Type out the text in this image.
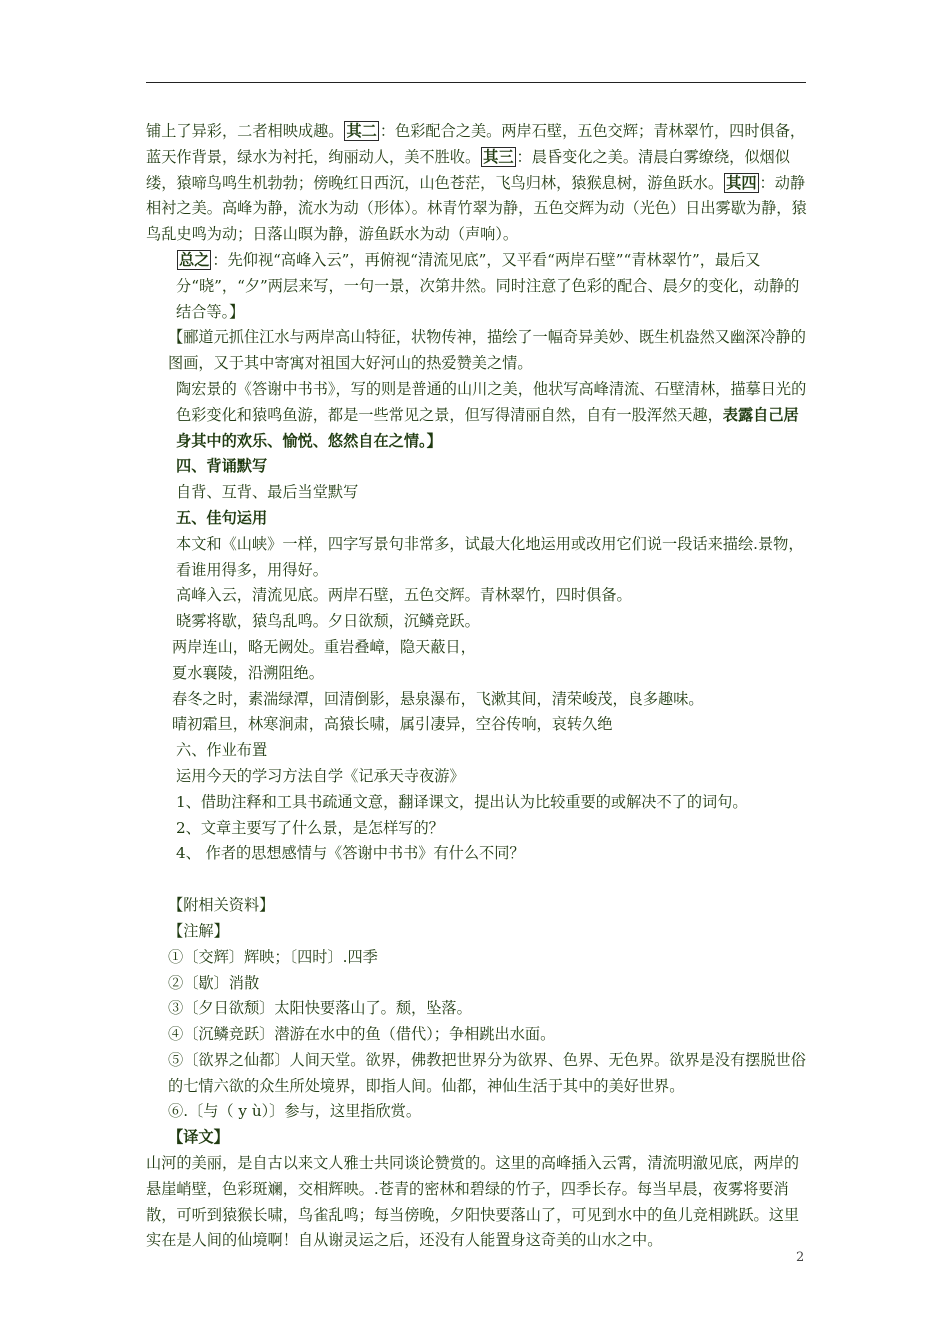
铺上了异彩，二者相映成趣。 其二 ：色彩配合之美。两岸石壁，五色交辉；青林翠竹，四时俱备，蓝天作背景，绿水为衬托，绚丽动人，美不胜收。 其三 ：晨昏变化之美。清晨白雾缭绕，似烟似缕，猿啼鸟鸣生机勃勃；傍晚红日西沉，山色苍茫，飞鸟归林，猿猴息树，游鱼跃水。 其四 ：动静相衬之美。高峰为静，流水为动（形体）。林青竹翠为静，五色交辉为动（光色）日出雾歇为静，猿鸟乱史鸣为动；日落山暝为静，游鱼跃水为动（声响）。

总之 ：先仰视“高峰入云”，再俯视“清流见底”，又平看“两岸石壁”“青林翠竹”，最后又分“晓”，“夕”两层来写，一句一景，次第井然。同时注意了色彩的配合、晨夕的变化，动静的结合等。】

【郦道元抓住江水与两岸高山特征，状物传神，描绘了一幅奇异美妙、既生机盎然又幽深冷静的图画，又于其中寄寓对祖国大好河山的热爱赞美之情。

陶宏景的《答谢中书书》，写的则是普通的山川之美，他状写高峰清流、石壁清林，描摹日光的色彩变化和猿鸣鱼游，都是一些常见之景，但写得清丽自然，自有一股浑然天趣，表露自己居身其中的欢乐、愉悦、悠然自在之情。】

四、背诵默写

自背、互背、最后当堂默写

五、佳句运用

本文和《山峡》一样，四字写景句非常多，试最大化地运用或改用它们说一段话来描绘.景物，看谁用得多，用得好。

高峰入云，清流见底。两岸石壁，五色交辉。青林翠竹，四时俱备。

晓雾将歇，猿鸟乱鸣。夕日欲颓，沉鳞竞跃。

两岸连山，略无阙处。重岩叠嶂，隐天蔽日，

夏水襄陵，沿溯阻绝。

春冬之时，素湍绿潭，回清倒影，悬泉瀑布，飞漱其间，清荣峻茂，良多趣味。

晴初霜旦，林寒涧肃，高猿长啸，属引凄异，空谷传响，哀转久绝

六、作业布置

运用今天的学习方法自学《记承天寺夜游》

1、借助注释和工具书疏通文意，翻译课文，提出认为比较重要的或解决不了的词句。

2、文章主要写了什么景，是怎样写的？

4、 作者的思想感情与《答谢中书书》有什么不同？

【附相关资料】

【注解】

①〔交辉〕辉映；〔四时〕.四季

②〔歇〕消散

③〔夕日欲颓〕太阳快要落山了。颓，坠落。

④〔沉鳞竞跃〕潜游在水中的鱼（借代）；争相跳出水面。

⑤〔欲界之仙都〕人间天堂。欲界，佛教把世界分为欲界、色界、无色界。欲界是没有摆脱世俗的七情六欲的众生所处境界，即指人间。仙都，神仙生活于其中的美好世界。

⑥.〔与（ y ù）〕参与，这里指欣赏。

【译文】

山河的美丽，是自古以来文人雅士共同谈论赞赏的。这里的高峰插入云霄，清流明澈见底，两岸的悬崖峭壁，色彩斑斓，交相辉映。.苍青的密林和碧绿的竹子，四季长存。每当早晨，夜雾将要消散，可听到猿猴长啸，鸟雀乱鸣；每当傍晚，夕阳快要落山了，可见到水中的鱼儿竞相跳跃。这里实在是人间的仙境啊！自从谢灵运之后，还没有人能置身这奇美的山水之中。

2
